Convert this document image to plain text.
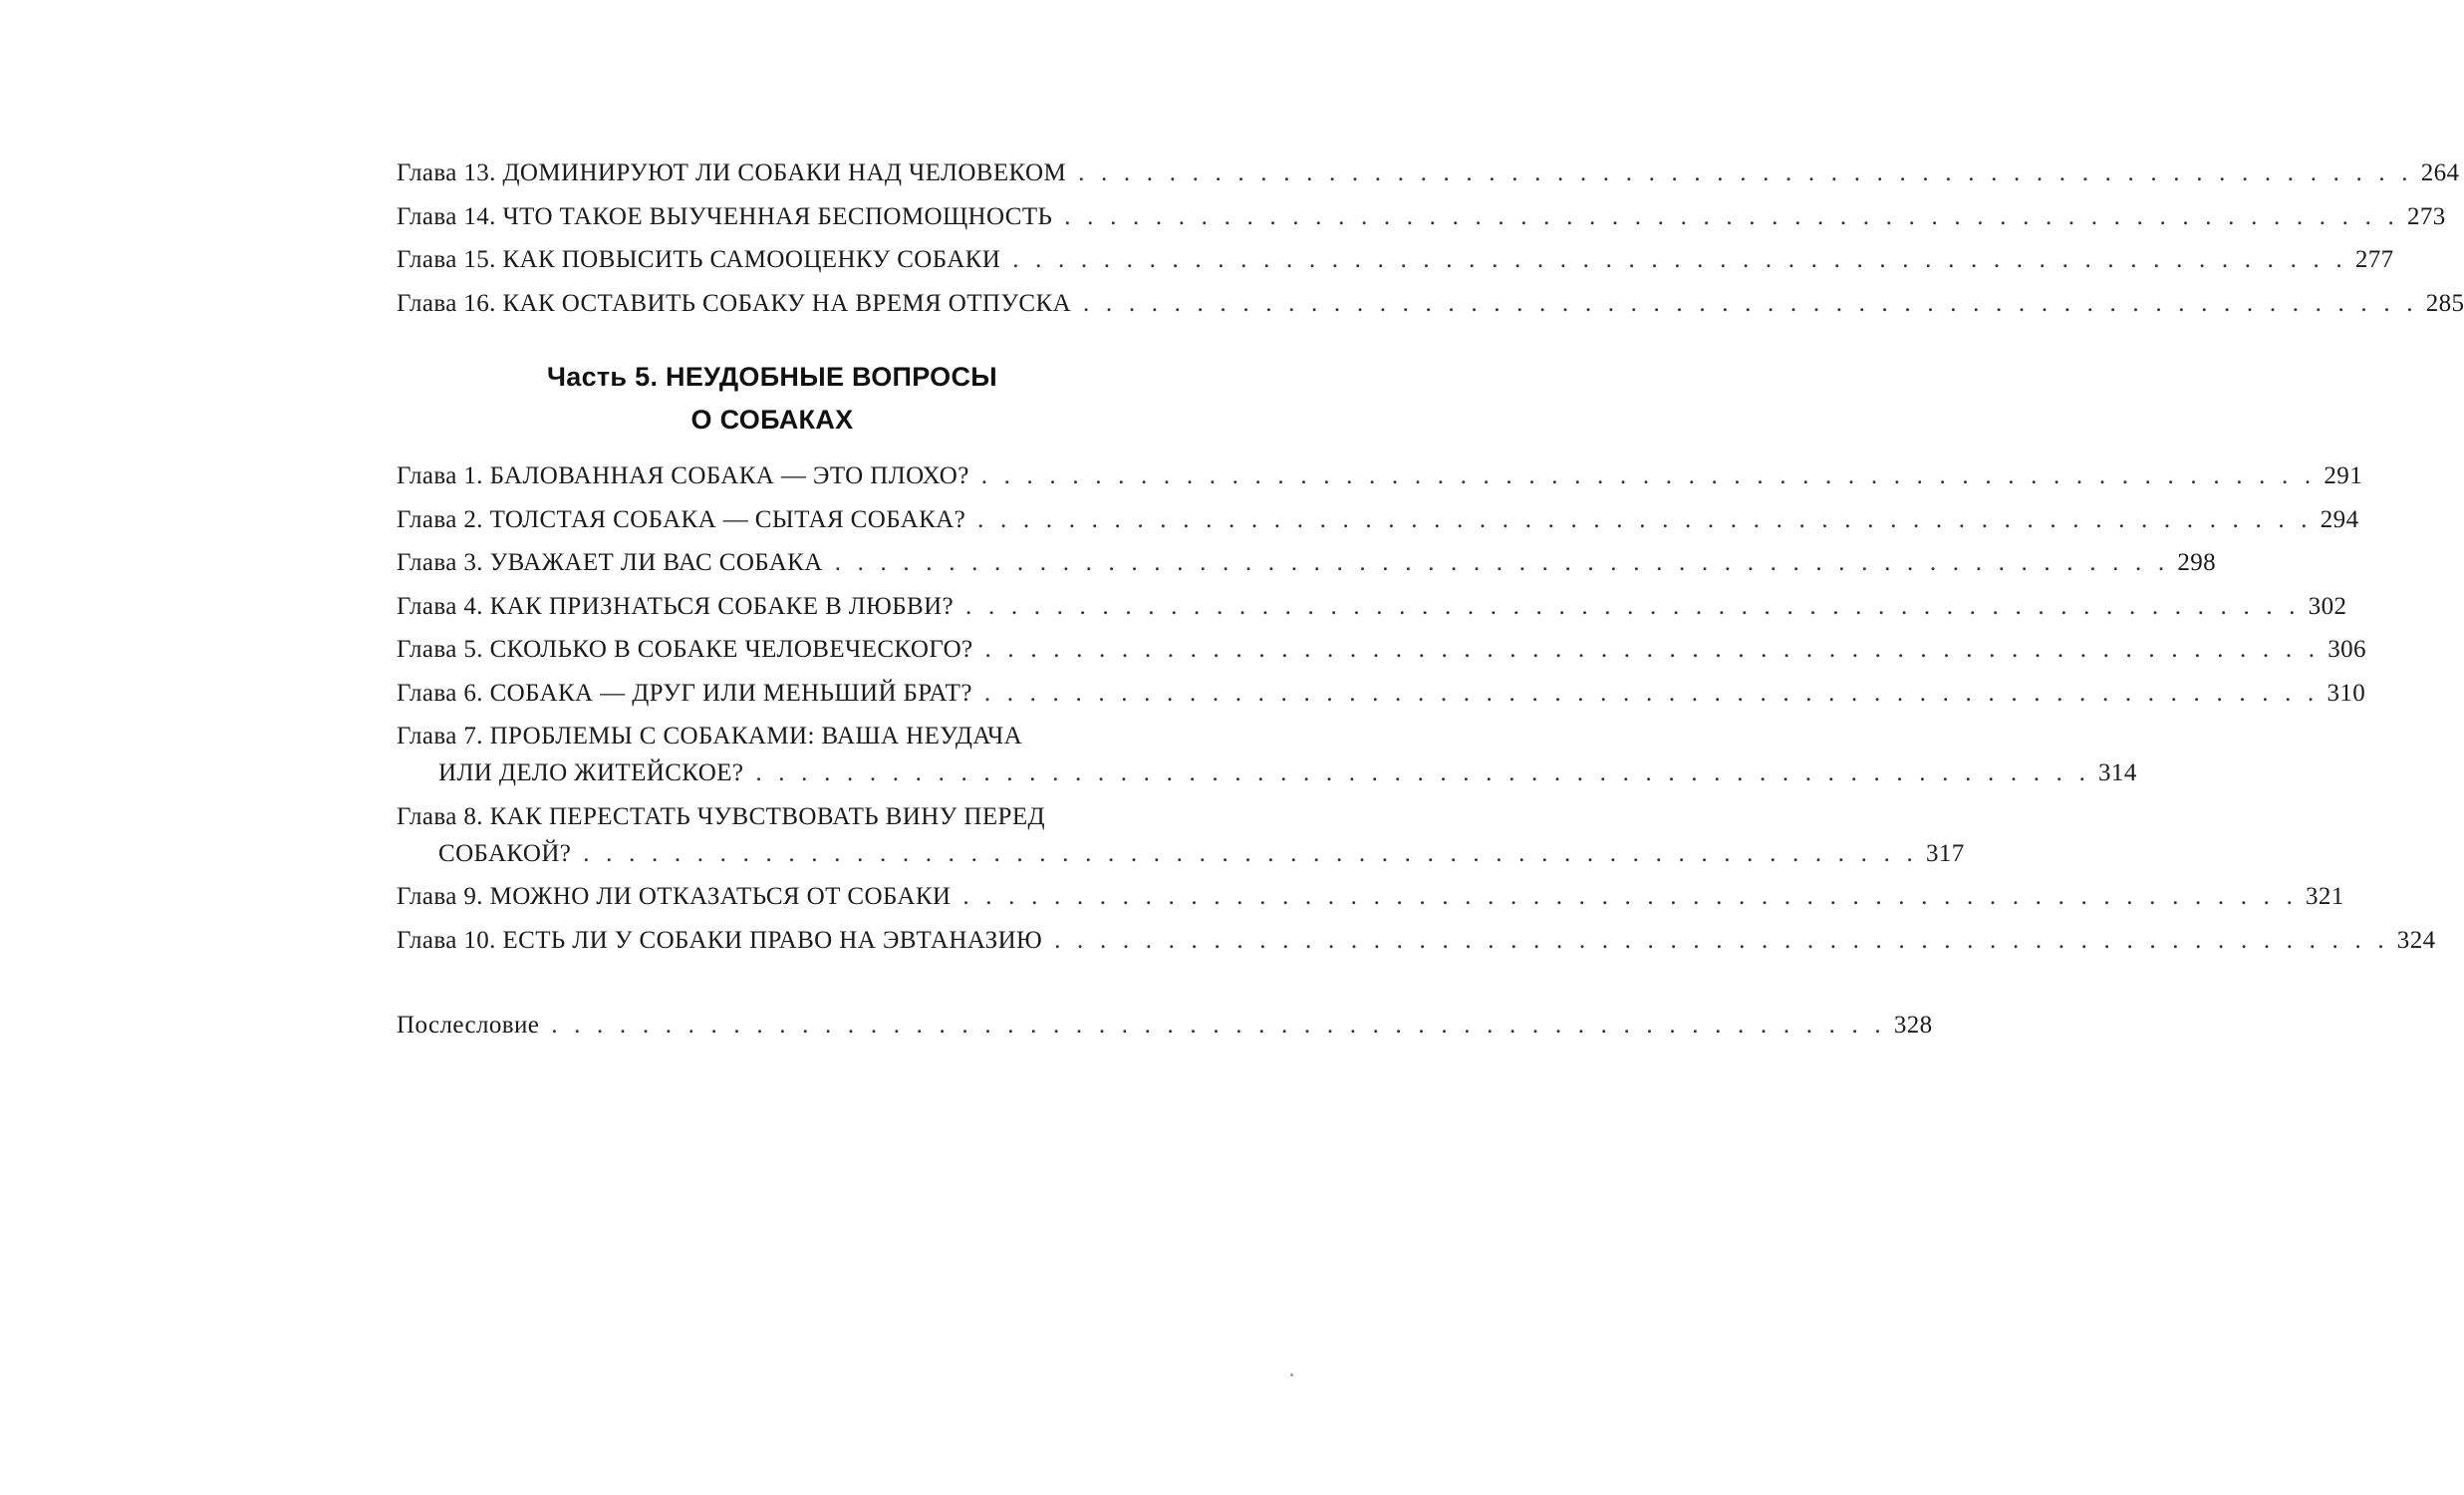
Глава 13. ДОМИНИРУЮТ ЛИ СОБАКИ НАД ЧЕЛОВЕКОМ . . . . . . . . . . . . . . . . . . . . . . . . . . . . . . . . . . . . . . . . . . . . . . . . . . . . . . . . . . . 264
Глава 14. ЧТО ТАКОЕ ВЫУЧЕННАЯ БЕСПОМОЩНОСТЬ . . . . . . . . . . . . . . . . . . . . . . . . . . . . . . . . . . . . . . . . . . . . . . . . . . . . . . . . . . . 273
Глава 15. КАК ПОВЫСИТЬ САМООЦЕНКУ СОБАКИ . . . . . . . . . . . . . . . . . . . . . . . . . . . . . . . . . . . . . . . . . . . . . . . . . . . . . . . . . . . 277
Глава 16. КАК ОСТАВИТЬ СОБАКУ НА ВРЕМЯ ОТПУСКА . . . . . . . . . . . . . . . . . . . . . . . . . . . . . . . . . . . . . . . . . . . . . . . . . . . . . . . . . . . 285
Часть 5. НЕУДОБНЫЕ ВОПРОСЫ
О СОБАКАХ
Глава 1. БАЛОВАННАЯ СОБАКА — ЭТО ПЛОХО? . . . . . . . . . . . . . . . . . . . . . . . . . . . . . . . . . . . . . . . . . . . . . . . . . . . . . . . . . . . 291
Глава 2. ТОЛСТАЯ СОБАКА — СЫТАЯ СОБАКА? . . . . . . . . . . . . . . . . . . . . . . . . . . . . . . . . . . . . . . . . . . . . . . . . . . . . . . . . . . . 294
Глава 3. УВАЖАЕТ ЛИ ВАС СОБАКА . . . . . . . . . . . . . . . . . . . . . . . . . . . . . . . . . . . . . . . . . . . . . . . . . . . . . . . . . . . 298
Глава 4. КАК ПРИЗНАТЬСЯ СОБАКЕ В ЛЮБВИ? . . . . . . . . . . . . . . . . . . . . . . . . . . . . . . . . . . . . . . . . . . . . . . . . . . . . . . . . . . . 302
Глава 5. СКОЛЬКО В СОБАКЕ ЧЕЛОВЕЧЕСКОГО? . . . . . . . . . . . . . . . . . . . . . . . . . . . . . . . . . . . . . . . . . . . . . . . . . . . . . . . . . . . 306
Глава 6. СОБАКА — ДРУГ ИЛИ МЕНЬШИЙ БРАТ? . . . . . . . . . . . . . . . . . . . . . . . . . . . . . . . . . . . . . . . . . . . . . . . . . . . . . . . . . . . 310
Глава 7. ПРОБЛЕМЫ С СОБАКАМИ: ВАША НЕУДАЧА
ИЛИ ДЕЛО ЖИТЕЙСКОЕ? . . . . . . . . . . . . . . . . . . . . . . . . . . . . . . . . . . . . . . . . . . . . . . . . . . . . . . . . . . . 314
Глава 8. КАК ПЕРЕСТАТЬ ЧУВСТВОВАТЬ ВИНУ ПЕРЕД
СОБАКОЙ? . . . . . . . . . . . . . . . . . . . . . . . . . . . . . . . . . . . . . . . . . . . . . . . . . . . . . . . . . . . 317
Глава 9. МОЖНО ЛИ ОТКАЗАТЬСЯ ОТ СОБАКИ . . . . . . . . . . . . . . . . . . . . . . . . . . . . . . . . . . . . . . . . . . . . . . . . . . . . . . . . . . . 321
Глава 10. ЕСТЬ ЛИ У СОБАКИ ПРАВО НА ЭВТАНАЗИЮ . . . . . . . . . . . . . . . . . . . . . . . . . . . . . . . . . . . . . . . . . . . . . . . . . . . . . . . . . . . 324
Послесловие . . . . . . . . . . . . . . . . . . . . . . . . . . . . . . . . . . . . . . . . . . . . . . . . . . . . . . . . . . . 328
